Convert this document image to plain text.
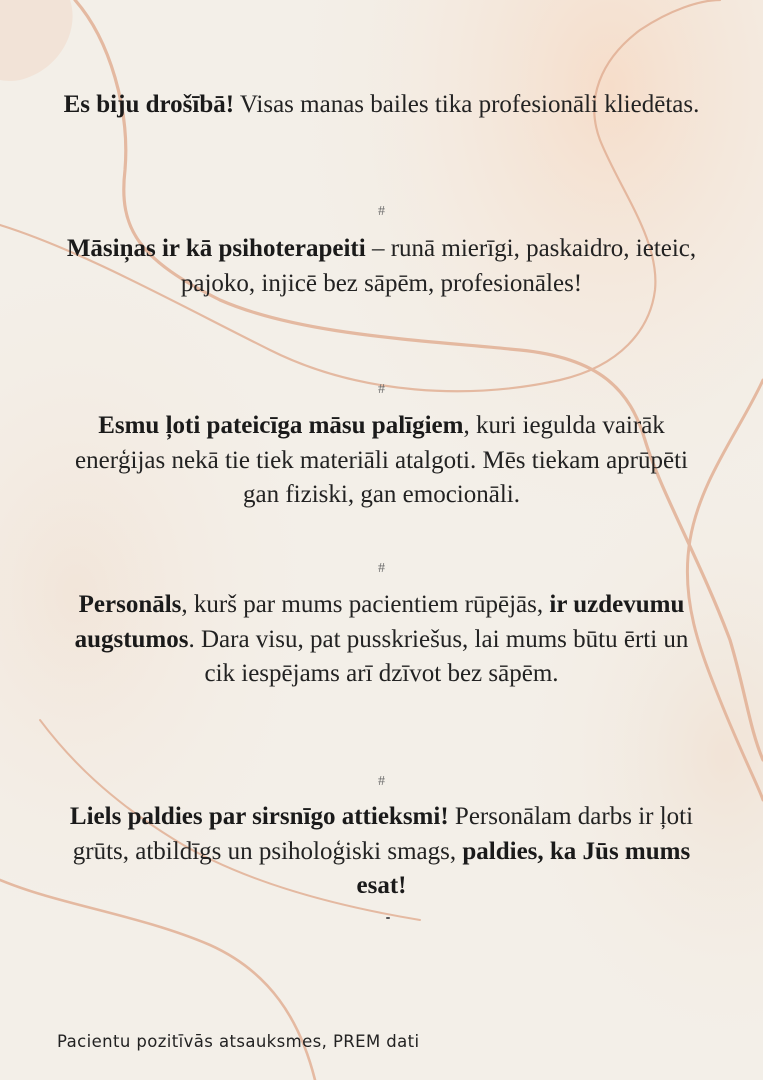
Es biju drošībā! Visas manas bailes tika profesionāli kliedētas.
#
Māsiņas ir kā psihoterapeiti – runā mierīgi, paskaidro, ieteic, pajoko, injicē bez sāpēm, profesionāles!
#
Esmu ļoti pateicīga māsu palīgiem, kuri iegulda vairāk enerģijas nekā tie tiek materiāli atalgoti. Mēs tiekam aprūpēti gan fiziski, gan emocionāli.
#
Personāls, kurš par mums pacientiem rūpējās, ir uzdevumu augstumos. Dara visu, pat pusskriešus, lai mums būtu ērti un cik iespējams arī dzīvot bez sāpēm.
#
Liels paldies par sirsnīgo attieksmi! Personālam darbs ir ļoti grūts, atbildīgs un psiholoģiski smags, paldies, ka Jūs mums esat!
Pacientu pozitīvās atsauksmes, PREM dati
